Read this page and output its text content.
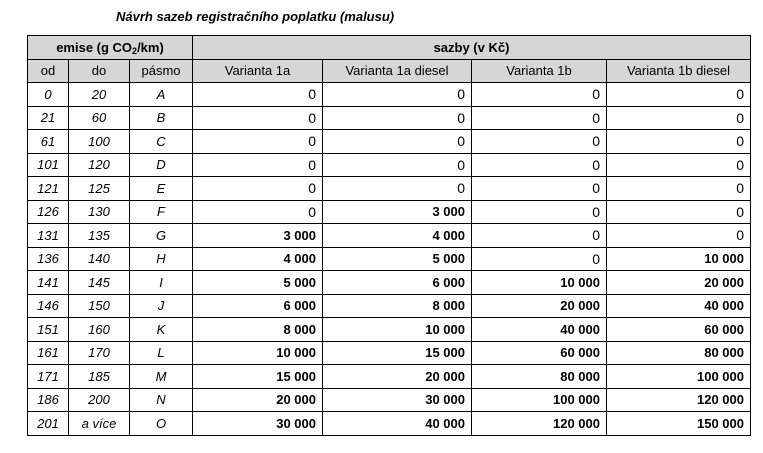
Návrh sazeb registračního poplatku (malusu)
emise (g $CO_2/km$)			sazby (v Kč)			
od	do	pásmo	Varianta 1a	Varianta 1a diesel	Varianta 1b	Varianta 1b diesel
0	20	A	0	0	0	0
21	60	B	0	0	0	0
61	100	C	0	0	0	0
101	120	D	0	0	0	0
121	125	E	0	0	0	0
126	130	F	0	3 000	0	0
131	135	G	3 000	4 000	0	0
136	140	H	4 000	5 000	0	10 000
141	145	I	5 000	6 000	10 000	20 000
146	150	J	6 000	8 000	20 000	40 000
151	160	K	8 000	10 000	40 000	60 000
161	170	L	10 000	15 000	60 000	80 000
171	185	M	15 000	20 000	80 000	100 000
186	200	N	20 000	30 000	100 000	120 000
201	a více	O	30 000	40 000	120 000	150 000
